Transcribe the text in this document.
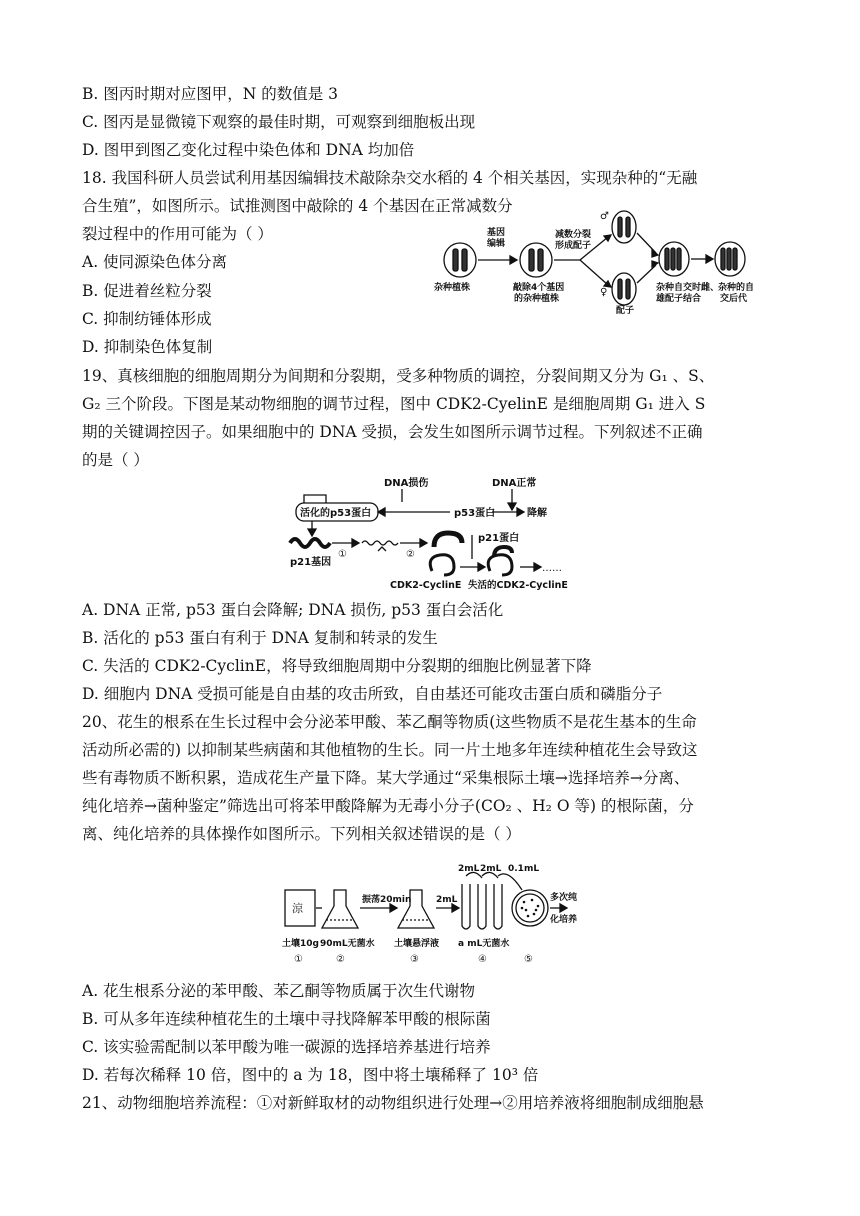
B. 图丙时期对应图甲，N 的数值是 3
C. 图丙是显微镜下观察的最佳时期，可观察到细胞板出现
D. 图甲到图乙变化过程中染色体和 DNA 均加倍
18. 我国科研人员尝试利用基因编辑技术敲除杂交水稻的 4 个相关基因，实现杂种的“无融
合生殖”，如图所示。试推测图中敲除的 4 个基因在正常减数分
裂过程中的作用可能为（ ）
A. 使同源染色体分离
B. 促进着丝粒分裂
C. 抑制纺锤体形成
D. 抑制染色体复制
基因
编辑
减数分裂
形成配子
杂种植株	敲除4个基因
的杂种植株
♂
♀
配子
杂种自交时雌、
雄配子结合
杂种的自
交后代
19、真核细胞的细胞周期分为间期和分裂期，受多种物质的调控，分裂间期又分为 G₁ 、S、
G₂ 三个阶段。下图是某动物细胞的调节过程，图中 CDK2-CyelinE 是细胞周期 G₁ 进入 S
期的关键调控因子。如果细胞中的 DNA 受损，会发生如图所示调节过程。下列叙述不正确
的是（ ）
DNA损伤	DNA正常
活化的p53蛋白	p53蛋白	降解
p21基因
①	②
p21蛋白
CDK2-CyclinE 失活的CDK2-CyclinE
……
A. DNA 正常, p53 蛋白会降解; DNA 损伤, p53 蛋白会活化
B. 活化的 p53 蛋白有利于 DNA 复制和转录的发生
C. 失活的 CDK2-CyclinE，将导致细胞周期中分裂期的细胞比例显著下降
D. 细胞内 DNA 受损可能是自由基的攻击所致，自由基还可能攻击蛋白质和磷脂分子
20、花生的根系在生长过程中会分泌苯甲酸、苯乙酮等物质(这些物质不是花生基本的生命
活动所必需的) 以抑制某些病菌和其他植物的生长。同一片土地多年连续种植花生会导致这
些有毒物质不断积累，造成花生产量下降。某大学通过“采集根际土壤→选择培养→分离、
纯化培养→菌种鉴定”筛选出可将苯甲酸降解为无毒小分子(CO₂ 、H₂ O 等) 的根际菌，分
离、纯化培养的具体操作如图所示。下列相关叙述错误的是（ ）
涼
土壤10g 90mL无菌水
振荡20min
土壤悬浮液
2mL
2mL 2mL 0.1mL
a mL无菌水
多次纯
化培养
①	②	③	④	⑤
A. 花生根系分泌的苯甲酸、苯乙酮等物质属于次生代谢物
B. 可从多年连续种植花生的土壤中寻找降解苯甲酸的根际菌
C. 该实验需配制以苯甲酸为唯一碳源的选择培养基进行培养
D. 若每次稀释 10 倍，图中的 a 为 18，图中将土壤稀释了 10³ 倍
21、动物细胞培养流程：①对新鲜取材的动物组织进行处理→②用培养液将细胞制成细胞悬
